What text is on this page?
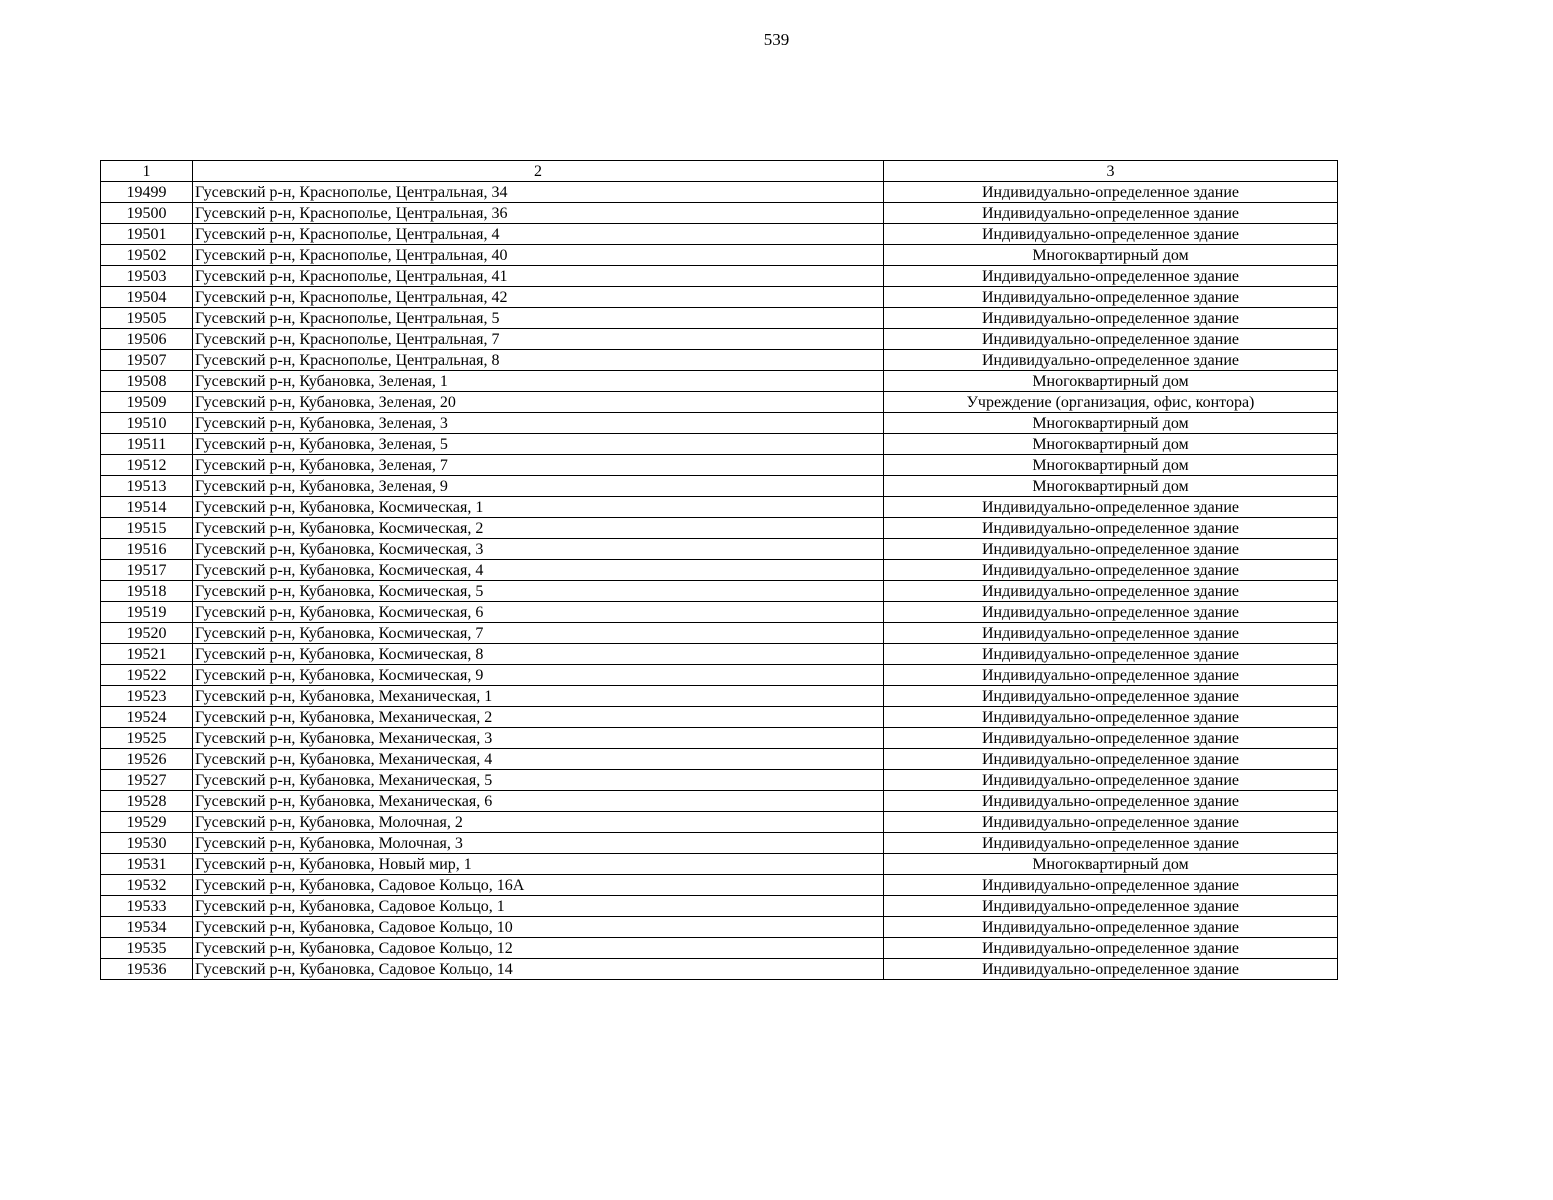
539
1	2	3
19499	Гусевский р-н, Краснополье, Центральная, 34	Индивидуально-определенное здание
19500	Гусевский р-н, Краснополье, Центральная, 36	Индивидуально-определенное здание
19501	Гусевский р-н, Краснополье, Центральная, 4	Индивидуально-определенное здание
19502	Гусевский р-н, Краснополье, Центральная, 40	Многоквартирный дом
19503	Гусевский р-н, Краснополье, Центральная, 41	Индивидуально-определенное здание
19504	Гусевский р-н, Краснополье, Центральная, 42	Индивидуально-определенное здание
19505	Гусевский р-н, Краснополье, Центральная, 5	Индивидуально-определенное здание
19506	Гусевский р-н, Краснополье, Центральная, 7	Индивидуально-определенное здание
19507	Гусевский р-н, Краснополье, Центральная, 8	Индивидуально-определенное здание
19508	Гусевский р-н, Кубановка, Зеленая, 1	Многоквартирный дом
19509	Гусевский р-н, Кубановка, Зеленая, 20	Учреждение (организация, офис, контора)
19510	Гусевский р-н, Кубановка, Зеленая, 3	Многоквартирный дом
19511	Гусевский р-н, Кубановка, Зеленая, 5	Многоквартирный дом
19512	Гусевский р-н, Кубановка, Зеленая, 7	Многоквартирный дом
19513	Гусевский р-н, Кубановка, Зеленая, 9	Многоквартирный дом
19514	Гусевский р-н, Кубановка, Космическая, 1	Индивидуально-определенное здание
19515	Гусевский р-н, Кубановка, Космическая, 2	Индивидуально-определенное здание
19516	Гусевский р-н, Кубановка, Космическая, 3	Индивидуально-определенное здание
19517	Гусевский р-н, Кубановка, Космическая, 4	Индивидуально-определенное здание
19518	Гусевский р-н, Кубановка, Космическая, 5	Индивидуально-определенное здание
19519	Гусевский р-н, Кубановка, Космическая, 6	Индивидуально-определенное здание
19520	Гусевский р-н, Кубановка, Космическая, 7	Индивидуально-определенное здание
19521	Гусевский р-н, Кубановка, Космическая, 8	Индивидуально-определенное здание
19522	Гусевский р-н, Кубановка, Космическая, 9	Индивидуально-определенное здание
19523	Гусевский р-н, Кубановка, Механическая, 1	Индивидуально-определенное здание
19524	Гусевский р-н, Кубановка, Механическая, 2	Индивидуально-определенное здание
19525	Гусевский р-н, Кубановка, Механическая, 3	Индивидуально-определенное здание
19526	Гусевский р-н, Кубановка, Механическая, 4	Индивидуально-определенное здание
19527	Гусевский р-н, Кубановка, Механическая, 5	Индивидуально-определенное здание
19528	Гусевский р-н, Кубановка, Механическая, 6	Индивидуально-определенное здание
19529	Гусевский р-н, Кубановка, Молочная, 2	Индивидуально-определенное здание
19530	Гусевский р-н, Кубановка, Молочная, 3	Индивидуально-определенное здание
19531	Гусевский р-н, Кубановка, Новый мир, 1	Многоквартирный дом
19532	Гусевский р-н, Кубановка, Садовое Кольцо, 16А	Индивидуально-определенное здание
19533	Гусевский р-н, Кубановка, Садовое Кольцо, 1	Индивидуально-определенное здание
19534	Гусевский р-н, Кубановка, Садовое Кольцо, 10	Индивидуально-определенное здание
19535	Гусевский р-н, Кубановка, Садовое Кольцо, 12	Индивидуально-определенное здание
19536	Гусевский р-н, Кубановка, Садовое Кольцо, 14	Индивидуально-определенное здание
